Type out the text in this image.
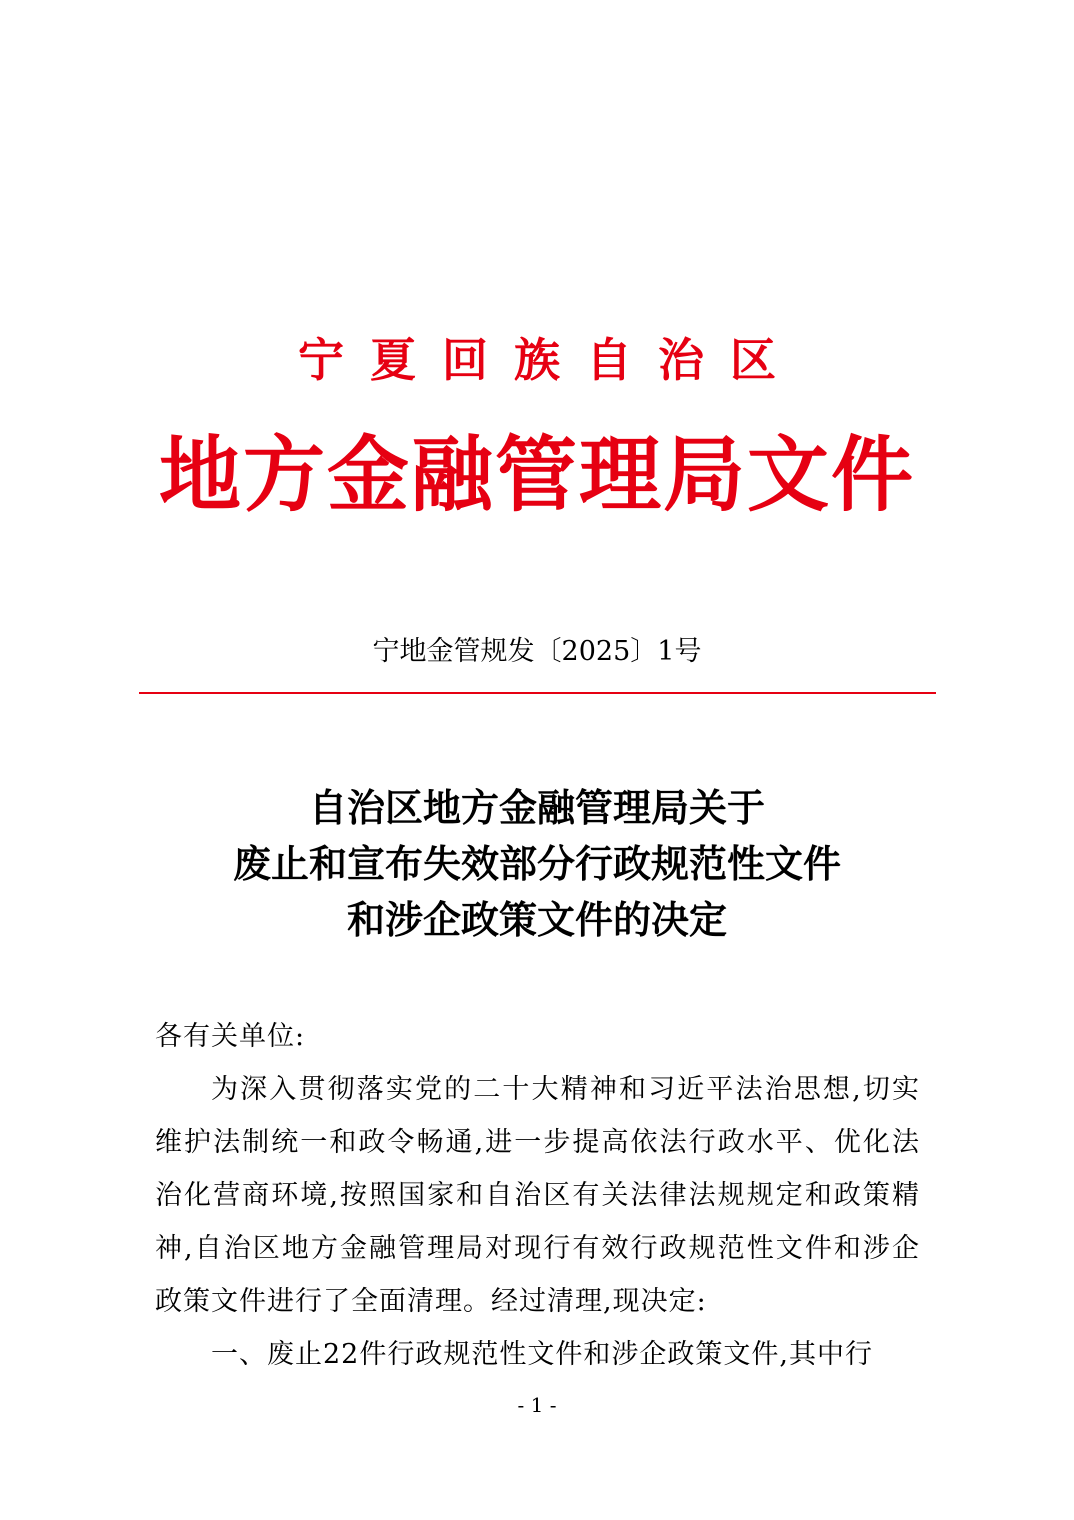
宁夏回族自治区
地方金融管理局文件
宁地金管规发〔2025〕1号
自治区地方金融管理局关于
废止和宣布失效部分行政规范性文件
和涉企政策文件的决定
各有关单位:
为深入贯彻落实党的二十大精神和习近平法治思想,切实维护法制统一和政令畅通,进一步提高依法行政水平、优化法治化营商环境,按照国家和自治区有关法律法规规定和政策精神,自治区地方金融管理局对现行有效行政规范性文件和涉企政策文件进行了全面清理。经过清理,现决定:
一、废止22件行政规范性文件和涉企政策文件,其中行
- 1 -
